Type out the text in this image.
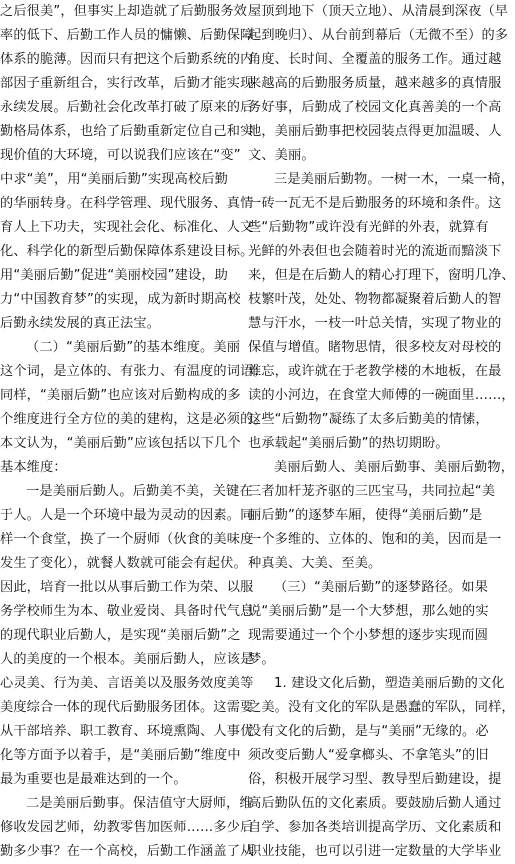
之后很美”，但事实上却造就了后勤服务效
率的低下、后勤工作人员的慵懒、后勤保障
体系的脆薄。因而只有把这个后勤系统的内
部因子重新组合，实行改革，后勤才能实现
永续发展。后勤社会化改革打破了原来的后
勤格局体系，也给了后勤重新定位自己和实
现价值的大环境，可以说我们应该在“变”
中求“美”，用“美丽后勤”实现高校后勤
的华丽转身。在科学管理、现代服务、真情
育人上下功夫，实现社会化、标准化、人文
化、科学化的新型后勤保障体系建设目标。
用“美丽后勤”促进“美丽校园”建设，助
力“中国教育梦”的实现，成为新时期高校
后勤永续发展的真正法宝。
（二）“美丽后勤”的基本维度。美丽
这个词，是立体的、有张力、有温度的词语；
同样，“美丽后勤”也应该对后勤构成的多
个维度进行全方位的美的建构，这是必须的。
本文认为，“美丽后勤”应该包括以下几个
基本维度：
一是美丽后勤人。后勤美不美，关键在
于人。人是一个环境中最为灵动的因素。同
样一个食堂，换了一个厨师（伙食的美味度
发生了变化），就餐人数就可能会有起伏。
因此，培育一批以从事后勤工作为荣、以服
务学校师生为本、敬业爱岗、具备时代气息
的现代职业后勤人，是实现“美丽后勤”之
人的美度的一个根本。美丽后勤人，应该是
心灵美、行为美、言语美以及服务效度美等
美度综合一体的现代后勤服务团体。这需要
从干部培养、职工教育、环境熏陶、人事优
化等方面予以着手，是“美丽后勤”维度中
最为重要也是最难达到的一个。
二是美丽后勤事。保洁值守大厨师，维
修收发园艺师，幼教零售加医师……多少后
勤多少事？在一个高校，后勤工作涵盖了从
屋顶到地下（顶天立地）、从清晨到深夜（早
起到晚归）、从台前到幕后（无微不至）的多
角度、长时间、全覆盖的服务工作。通过越
来越高的后勤服务质量，越来越多的真情服
务好事，后勤成了校园文化真善美的一个高
地，美丽后勤事把校园装点得更加温暖、人
文、美丽。
三是美丽后勤物。一树一木，一桌一椅，
一砖一瓦无不是后勤服务的环境和条件。这
些“后勤物”或许没有光鲜的外表，就算有
光鲜的外表但也会随着时光的流逝而黯淡下
来，但是在后勤人的精心打理下，窗明几净、
枝繁叶茂，处处、物物都凝聚着后勤人的智
慧与汗水，一枝一叶总关情，实现了物业的
保值与增值。睹物思情，很多校友对母校的
难忘，或许就在于老教学楼的木地板，在最
读的小河边，在食堂大师傅的一碗面里……，
这些“后勤物”凝练了太多后勤美的情愫，
也承载起“美丽后勤”的热切期盼。
美丽后勤人、美丽后勤事、美丽后勤物，
三者加杆茏齐驱的三匹宝马，共同拉起“美
丽后勤”的逐梦车厢，使得“美丽后勤”是
一个多维的、立体的、饱和的美，因而是一
种真美、大美、至美。
（三）“美丽后勤”的逐梦路径。如果
说“美丽后勤”是一个大梦想，那么她的实
现需要通过一个个小梦想的逐步实现而圆
梦。
1. 建设文化后勤，塑造美丽后勤的文化
之美。没有文化的军队是愚蠢的军队，同样，
没有文化的后勤，是与“美丽”无缘的。必
须改变后勤人“爱拿榔头、不拿笔头”的旧
俗，积极开展学习型、教导型后勤建设，提
高后勤队伍的文化素质。要鼓励后勤人通过
自学、参加各类培训提高学历、文化素质和
职业技能，也可以引进一定数量的大学毕业
